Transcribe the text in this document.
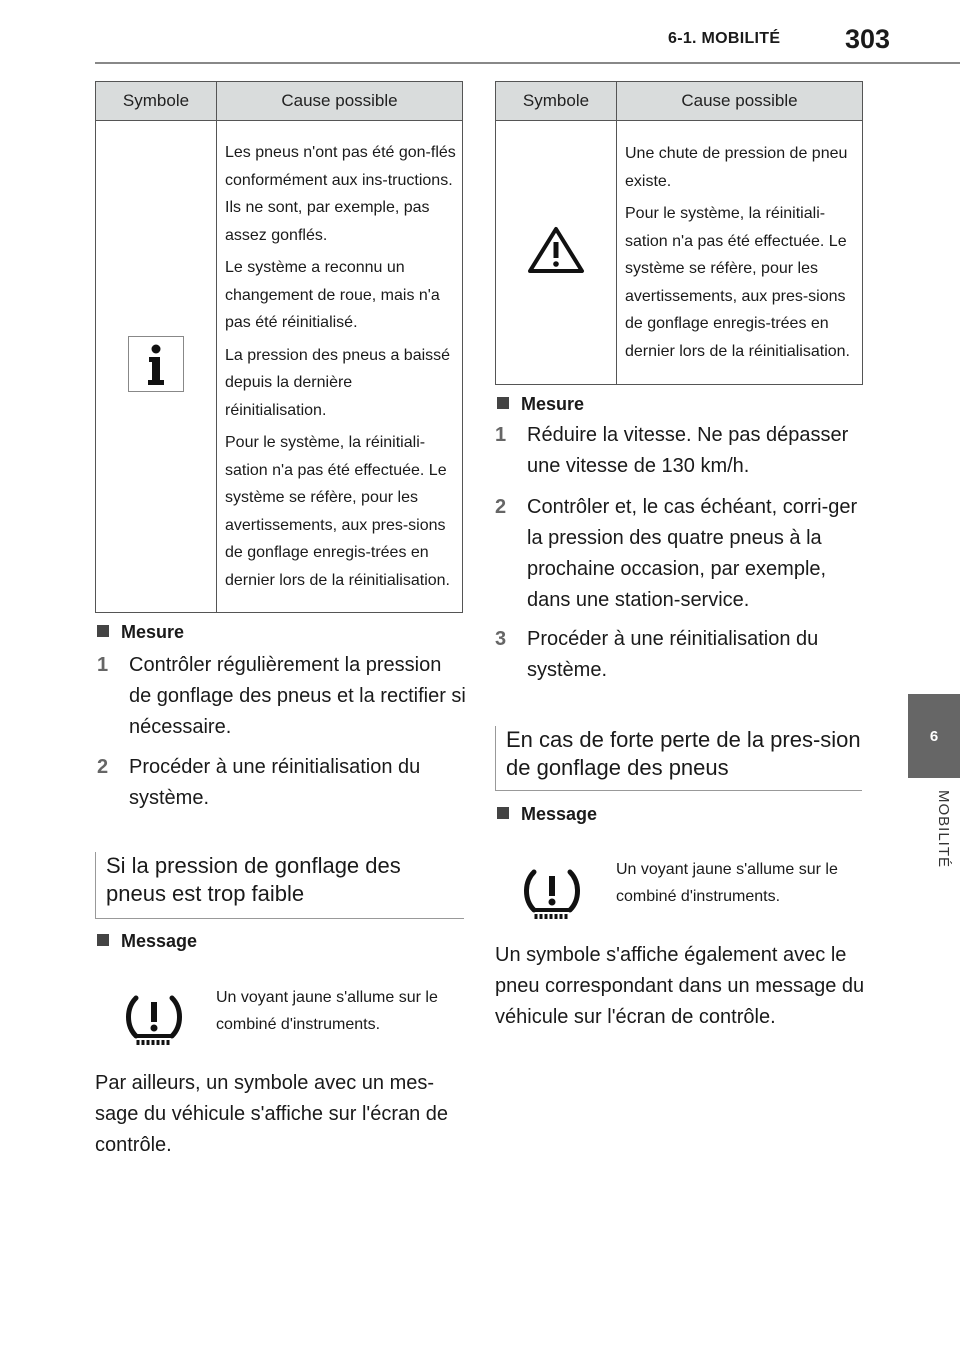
6-1. MOBILITÉ 303
6
MOBILITÉ
Symbole	Cause possible

Les pneus n'ont pas été gon-flés conformément aux ins-tructions. Ils ne sont, par exemple, pas assez gonflés.

Le système a reconnu un changement de roue, mais n'a pas été réinitialisé.

La pression des pneus a baissé depuis la dernière réinitialisation.

Pour le système, la réinitiali-sation n'a pas été effectuée. Le système se réfère, pour les avertissements, aux pres-sions de gonflage enregis-trées en dernier lors de la réinitialisation.

Mesure
1 Contrôler régulièrement la pression de gonflage des pneus et la rectifier si nécessaire.
2 Procéder à une réinitialisation du système.
Si la pression de gonflage des pneus est trop faible
Message
Un voyant jaune s'allume sur le combiné d'instruments.
Par ailleurs, un symbole avec un mes-sage du véhicule s'affiche sur l'écran de contrôle.
Symbole	Cause possible

Une chute de pression de pneu existe.

Pour le système, la réinitiali-sation n'a pas été effectuée. Le système se réfère, pour les avertissements, aux pres-sions de gonflage enregis-trées en dernier lors de la réinitialisation.

Mesure
1 Réduire la vitesse. Ne pas dépasser une vitesse de 130 km/h.
2 Contrôler et, le cas échéant, corri-ger la pression des quatre pneus à la prochaine occasion, par exemple, dans une station-service.
3 Procéder à une réinitialisation du système.
En cas de forte perte de la pres-sion de gonflage des pneus
Message
Un voyant jaune s'allume sur le combiné d'instruments.
Un symbole s'affiche également avec le pneu correspondant dans un message du véhicule sur l'écran de contrôle.
